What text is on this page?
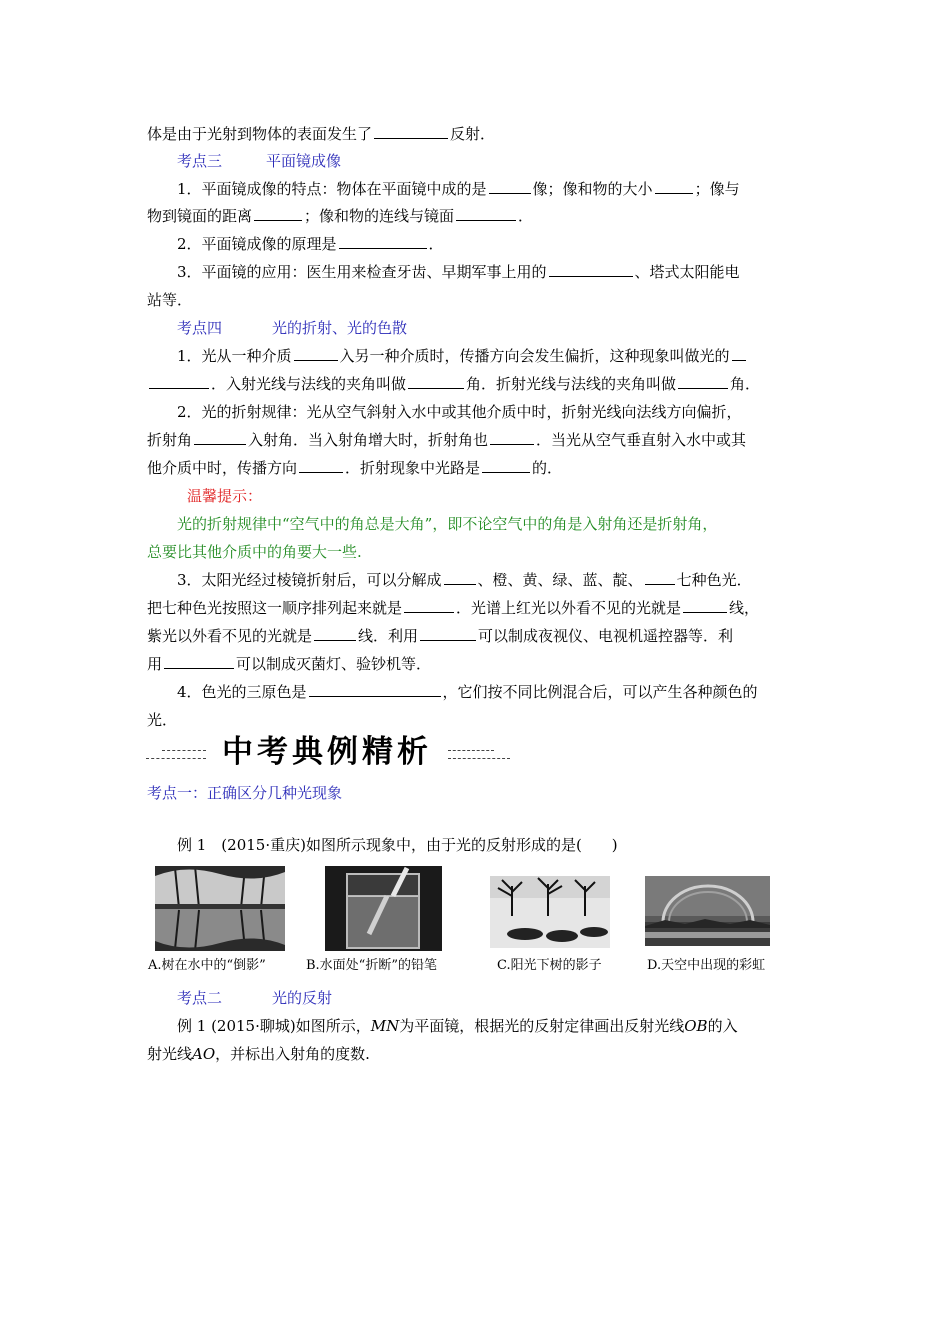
体是由于光射到物体的表面发生了	反射．
考点三	平面镜成像
1．平面镜成像的特点：物体在平面镜中成的是	像；像和物的大小	；像与
物到镜面的距离	；像和物的连线与镜面	．
2．平面镜成像的原理是	．
3．平面镜的应用：医生用来检查牙齿、早期军事上用的	、塔式太阳能电
站等．
考点四	光的折射、光的色散
1．光从一种介质	入另一种介质时，传播方向会发生偏折，这种现象叫做光的
．入射光线与法线的夹角叫做	角．折射光线与法线的夹角叫做	角．
2．光的折射规律：光从空气斜射入水中或其他介质中时，折射光线向法线方向偏折，
折射角	入射角．当入射角增大时，折射角也	．当光从空气垂直射入水中或其
他介质中时，传播方向	．折射现象中光路是	的．
温馨提示：
光的折射规律中“空气中的角总是大角”，即不论空气中的角是入射角还是折射角，
总要比其他介质中的角要大一些.
3．太阳光经过棱镜折射后，可以分解成 、橙、黄、绿、蓝、靛、 七种色光．
把七种色光按照这一顺序排列起来就是	．光谱上红光以外看不见的光就是	线，
紫光以外看不见的光就是	线．利用	可以制成夜视仪、电视机遥控器等．利
用	可以制成灭菌灯、验钞机等．
4．色光的三原色是	，它们按不同比例混合后，可以产生各种颜色的
光．
中考典例精析
考点一：正确区分几种光现象
例 1　(2015·重庆)如图所示现象中，由于光的反射形成的是(　　)
A.树在水中的“倒影”	B.水面处“折断”的铅笔	C.阳光下树的影子	D.天空中出现的彩虹
考点二	光的反射
例 1 (2015·聊城)如图所示，MN为平面镜，根据光的反射定律画出反射光线OB的入
射光线AO，并标出入射角的度数.
